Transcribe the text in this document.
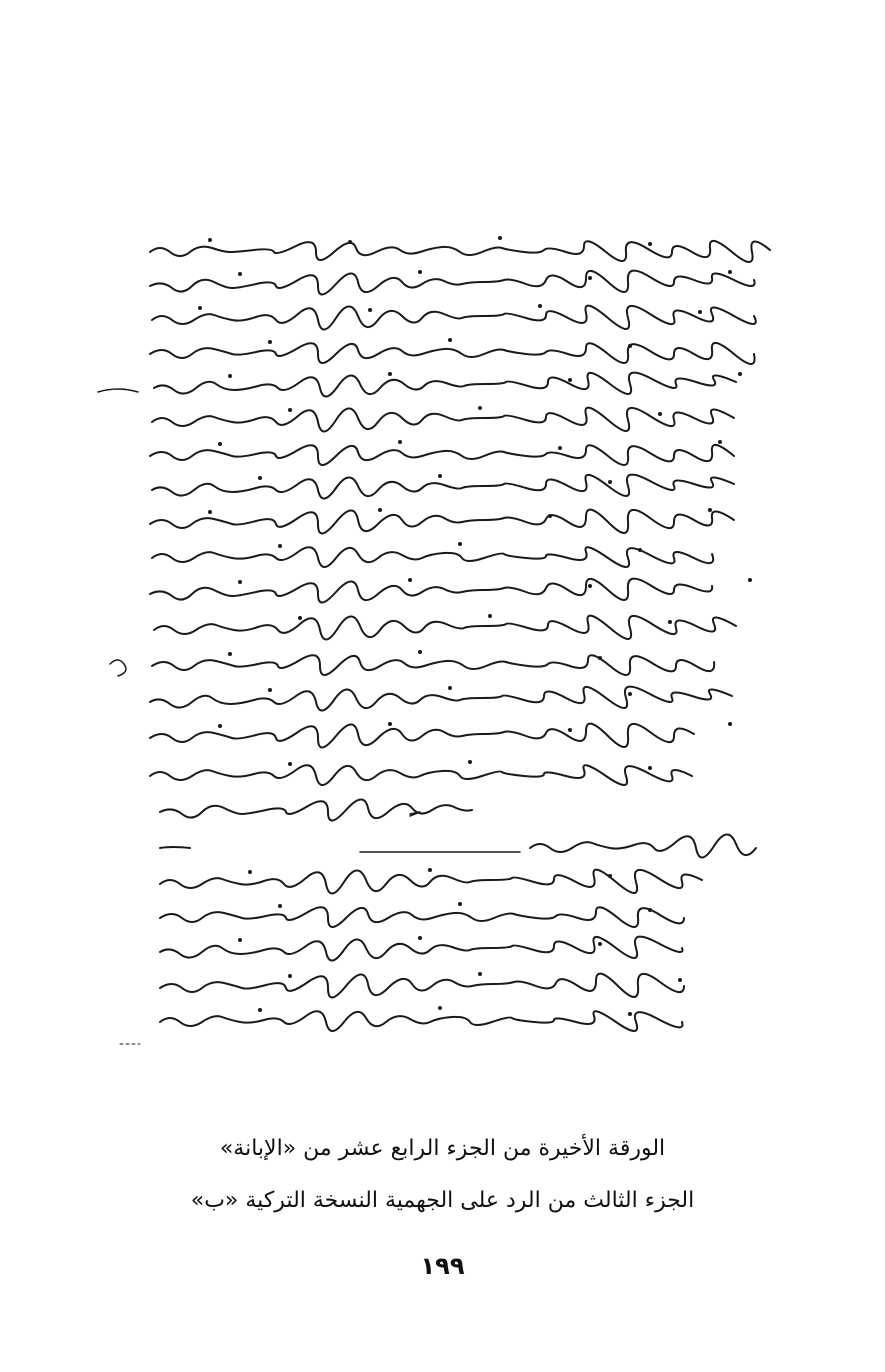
الورقة الأخيرة من الجزء الرابع عشر من «الإبانة»
الجزء الثالث من الرد على الجهمية النسخة التركية «ب»
١٩٩
